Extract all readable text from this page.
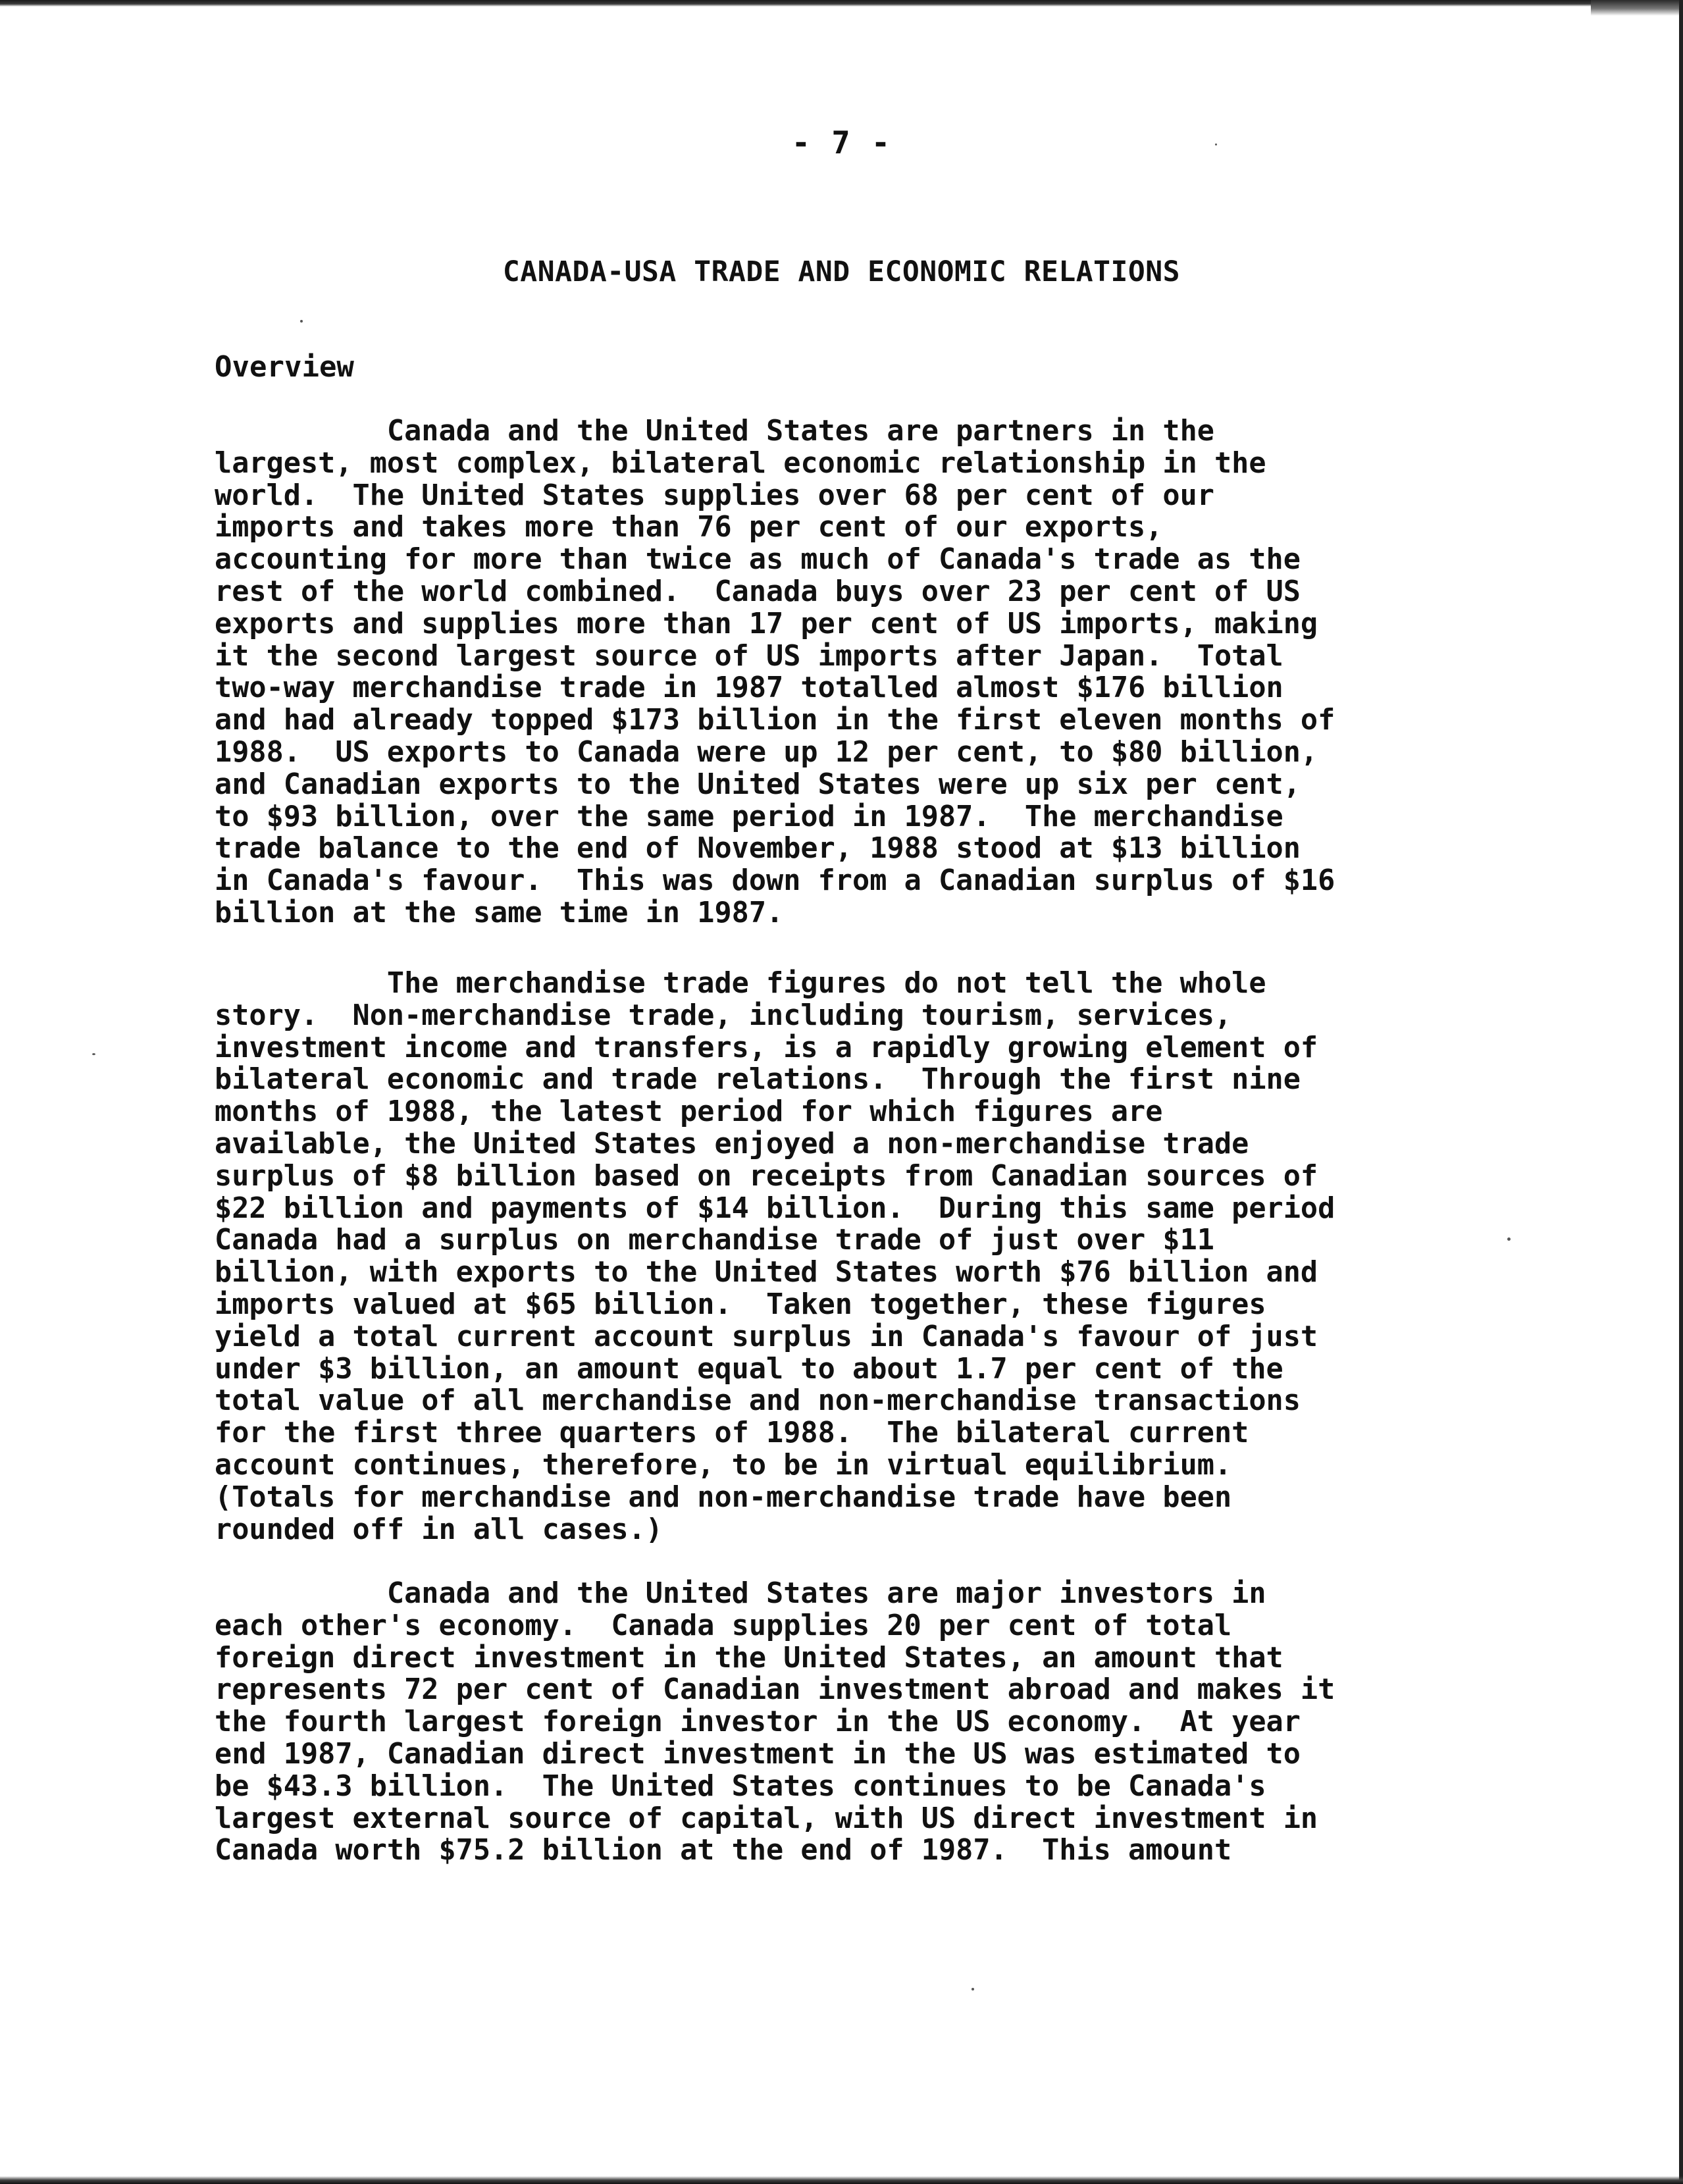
- 7 -
CANADA-USA TRADE AND ECONOMIC RELATIONS
Overview
Canada and the United States are partners in the
largest, most complex, bilateral economic relationship in the
world.  The United States supplies over 68 per cent of our
imports and takes more than 76 per cent of our exports,
accounting for more than twice as much of Canada's trade as the
rest of the world combined.  Canada buys over 23 per cent of US
exports and supplies more than 17 per cent of US imports, making
it the second largest source of US imports after Japan.  Total
two-way merchandise trade in 1987 totalled almost $176 billion
and had already topped $173 billion in the first eleven months of
1988.  US exports to Canada were up 12 per cent, to $80 billion,
and Canadian exports to the United States were up six per cent,
to $93 billion, over the same period in 1987.  The merchandise
trade balance to the end of November, 1988 stood at $13 billion
in Canada's favour.  This was down from a Canadian surplus of $16
billion at the same time in 1987.
The merchandise trade figures do not tell the whole
story.  Non-merchandise trade, including tourism, services,
investment income and transfers, is a rapidly growing element of
bilateral economic and trade relations.  Through the first nine
months of 1988, the latest period for which figures are
available, the United States enjoyed a non-merchandise trade
surplus of $8 billion based on receipts from Canadian sources of
$22 billion and payments of $14 billion.  During this same period
Canada had a surplus on merchandise trade of just over $11
billion, with exports to the United States worth $76 billion and
imports valued at $65 billion.  Taken together, these figures
yield a total current account surplus in Canada's favour of just
under $3 billion, an amount equal to about 1.7 per cent of the
total value of all merchandise and non-merchandise transactions
for the first three quarters of 1988.  The bilateral current
account continues, therefore, to be in virtual equilibrium.
(Totals for merchandise and non-merchandise trade have been
rounded off in all cases.)
Canada and the United States are major investors in
each other's economy.  Canada supplies 20 per cent of total
foreign direct investment in the United States, an amount that
represents 72 per cent of Canadian investment abroad and makes it
the fourth largest foreign investor in the US economy.  At year
end 1987, Canadian direct investment in the US was estimated to
be $43.3 billion.  The United States continues to be Canada's
largest external source of capital, with US direct investment in
Canada worth $75.2 billion at the end of 1987.  This amount
